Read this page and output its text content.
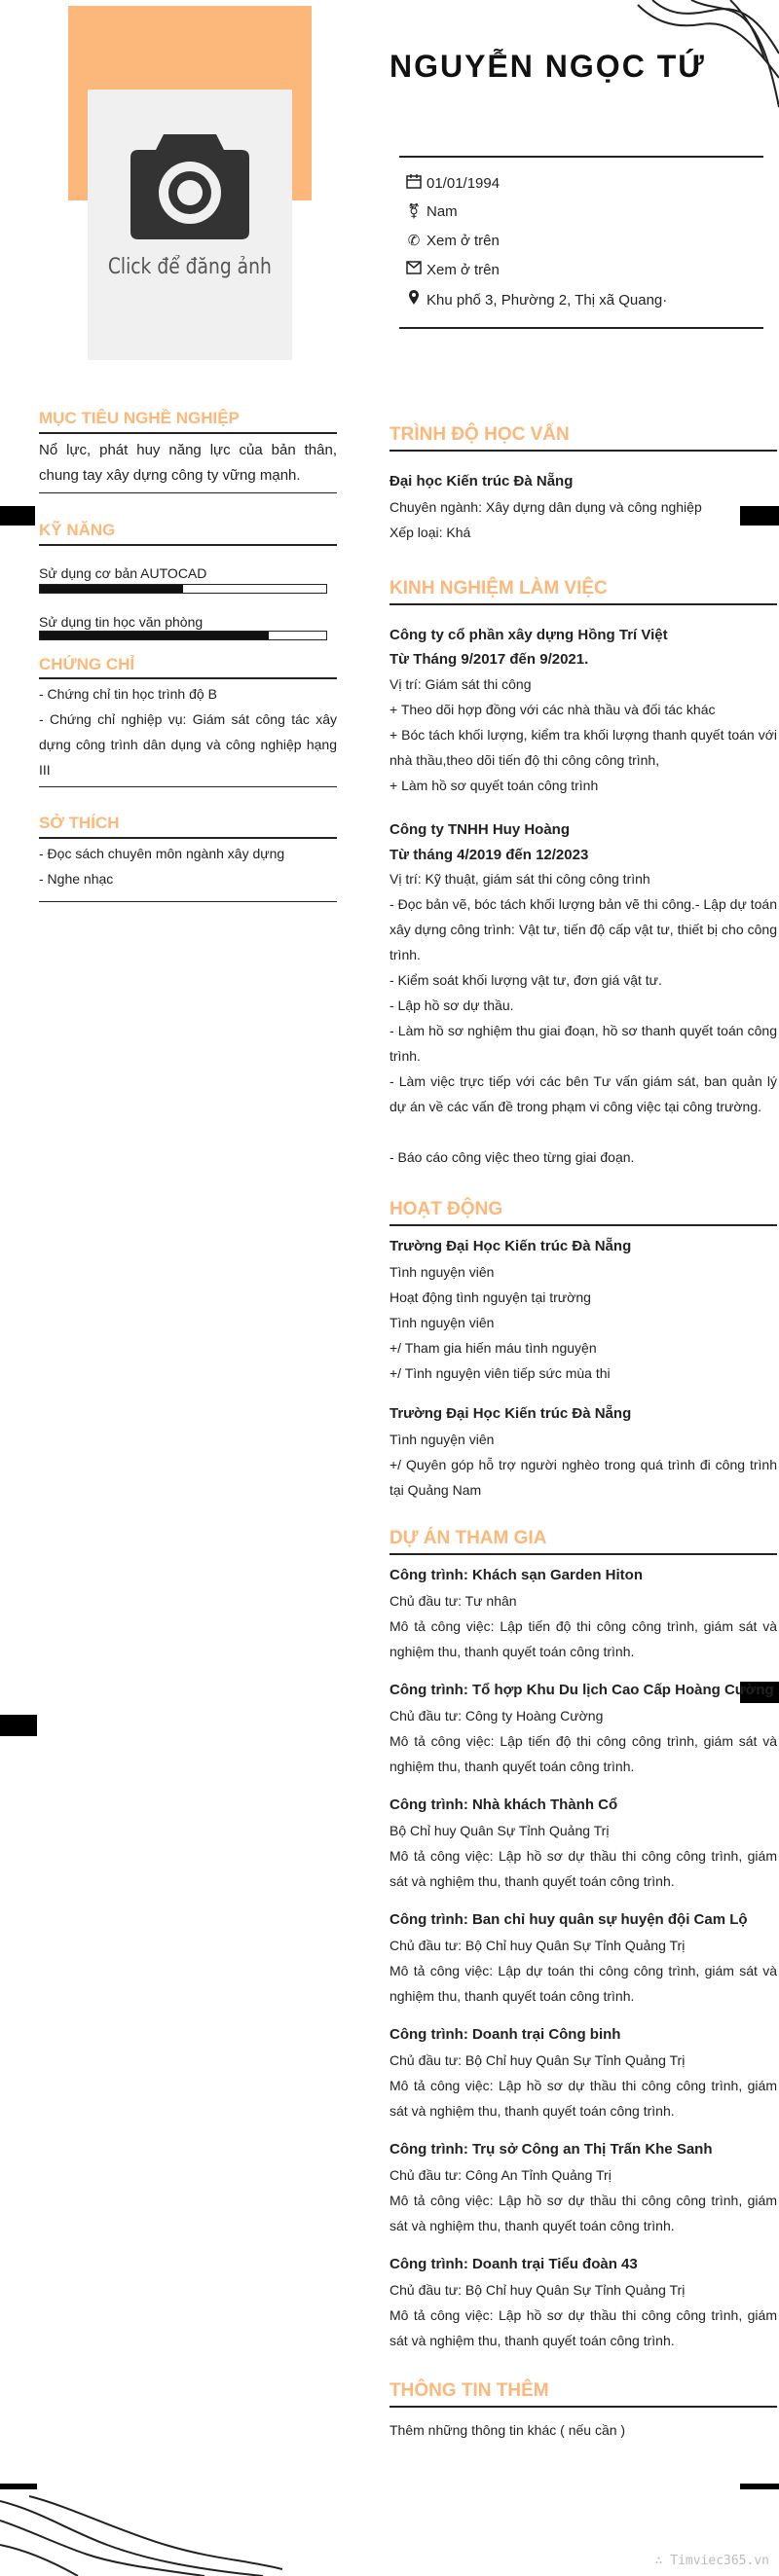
Click để đăng ảnh
NGUYỄN NGỌC TỨ
01/01/1994
⚧ Nam
✆ Xem ở trên
Xem ở trên
Khu phố 3, Phường 2, Thị xã Quang·
MỤC TIÊU NGHỀ NGHIỆP
Nổ lực, phát huy năng lực của bản thân, chung tay xây dựng công ty vững mạnh.
KỸ NĂNG
Sử dụng cơ bản AUTOCAD
Sử dụng tin học văn phòng
CHỨNG CHỈ
- Chứng chỉ tin học trình độ B
- Chứng chỉ nghiệp vụ: Giám sát công tác xây dựng công trình dân dụng và công nghiệp hạng III
SỞ THÍCH
- Đọc sách chuyên môn ngành xây dựng
- Nghe nhạc
TRÌNH ĐỘ HỌC VẤN
Đại học Kiến trúc Đà Nẵng
Chuyên ngành: Xây dựng dân dụng và công nghiệp
Xếp loại: Khá
KINH NGHIỆM LÀM VIỆC
Công ty cổ phần xây dựng Hồng Trí Việt
Từ Tháng 9/2017 đến 9/2021.
Vị trí: Giám sát thi công
+ Theo dõi hợp đồng với các nhà thầu và đối tác khác
+ Bóc tách khối lượng, kiểm tra khối lượng thanh quyết toán với nhà thầu,theo dõi tiến độ thi công công trình,
+ Làm hồ sơ quyết toán công trình
Công ty TNHH Huy Hoàng
Từ tháng 4/2019 đến 12/2023
Vị trí: Kỹ thuật, giám sát thi công công trình
- Đọc bản vẽ, bóc tách khối lượng bản vẽ thi công.- Lập dự toán xây dựng công trình: Vật tư, tiến độ cấp vật tư, thiết bị cho công trình.
- Kiểm soát khối lượng vật tư, đơn giá vật tư.
- Lập hồ sơ dự thầu.
- Làm hồ sơ nghiệm thu giai đoạn, hồ sơ thanh quyết toán công trình.
- Làm việc trực tiếp với các bên Tư vấn giám sát, ban quản lý dự án về các vấn đề trong phạm vi công việc tại công trường.
- Báo cáo công việc theo từng giai đoạn.
HOẠT ĐỘNG
Trường Đại Học Kiến trúc Đà Nẵng
Tình nguyện viên
Hoạt động tình nguyện tại trường
Tình nguyện viên
+/ Tham gia hiến máu tình nguyện
+/ Tình nguyện viên tiếp sức mùa thi
Trường Đại Học Kiến trúc Đà Nẵng
Tình nguyện viên
+/ Quyên góp hỗ trợ người nghèo trong quá trình đi công trình tại Quảng Nam
DỰ ÁN THAM GIA
Công trình: Khách sạn Garden Hiton
Chủ đầu tư: Tư nhân
Mô tả công việc: Lập tiến độ thi công công trình, giám sát và nghiệm thu, thanh quyết toán công trình.
Công trình: Tổ hợp Khu Du lịch Cao Cấp Hoàng Cường
Chủ đầu tư: Công ty Hoàng Cường
Mô tả công việc: Lập tiến độ thi công công trình, giám sát và nghiệm thu, thanh quyết toán công trình.
Công trình: Nhà khách Thành Cổ
Bộ Chỉ huy Quân Sự Tỉnh Quảng Trị
Mô tả công việc: Lập hồ sơ dự thầu thi công công trình, giám sát và nghiệm thu, thanh quyết toán công trình.
Công trình: Ban chỉ huy quân sự huyện đội Cam Lộ
Chủ đầu tư: Bộ Chỉ huy Quân Sự Tỉnh Quảng Trị
Mô tả công việc: Lập dự toán thi công công trình, giám sát và nghiệm thu, thanh quyết toán công trình.
Công trình: Doanh trại Công binh
Chủ đầu tư: Bộ Chỉ huy Quân Sự Tỉnh Quảng Trị
Mô tả công việc: Lập hồ sơ dự thầu thi công công trình, giám sát và nghiệm thu, thanh quyết toán công trình.
Công trình: Trụ sở Công an Thị Trấn Khe Sanh
Chủ đầu tư: Công An Tỉnh Quảng Trị
Mô tả công việc: Lập hồ sơ dự thầu thi công công trình, giám sát và nghiệm thu, thanh quyết toán công trình.
Công trình: Doanh trại Tiểu đoàn 43
Chủ đầu tư: Bộ Chỉ huy Quân Sự Tỉnh Quảng Trị
Mô tả công việc: Lập hồ sơ dự thầu thi công công trình, giám sát và nghiệm thu, thanh quyết toán công trình.
THÔNG TIN THÊM
Thêm những thông tin khác ( nếu cần )
∴ Timviec365.vn
